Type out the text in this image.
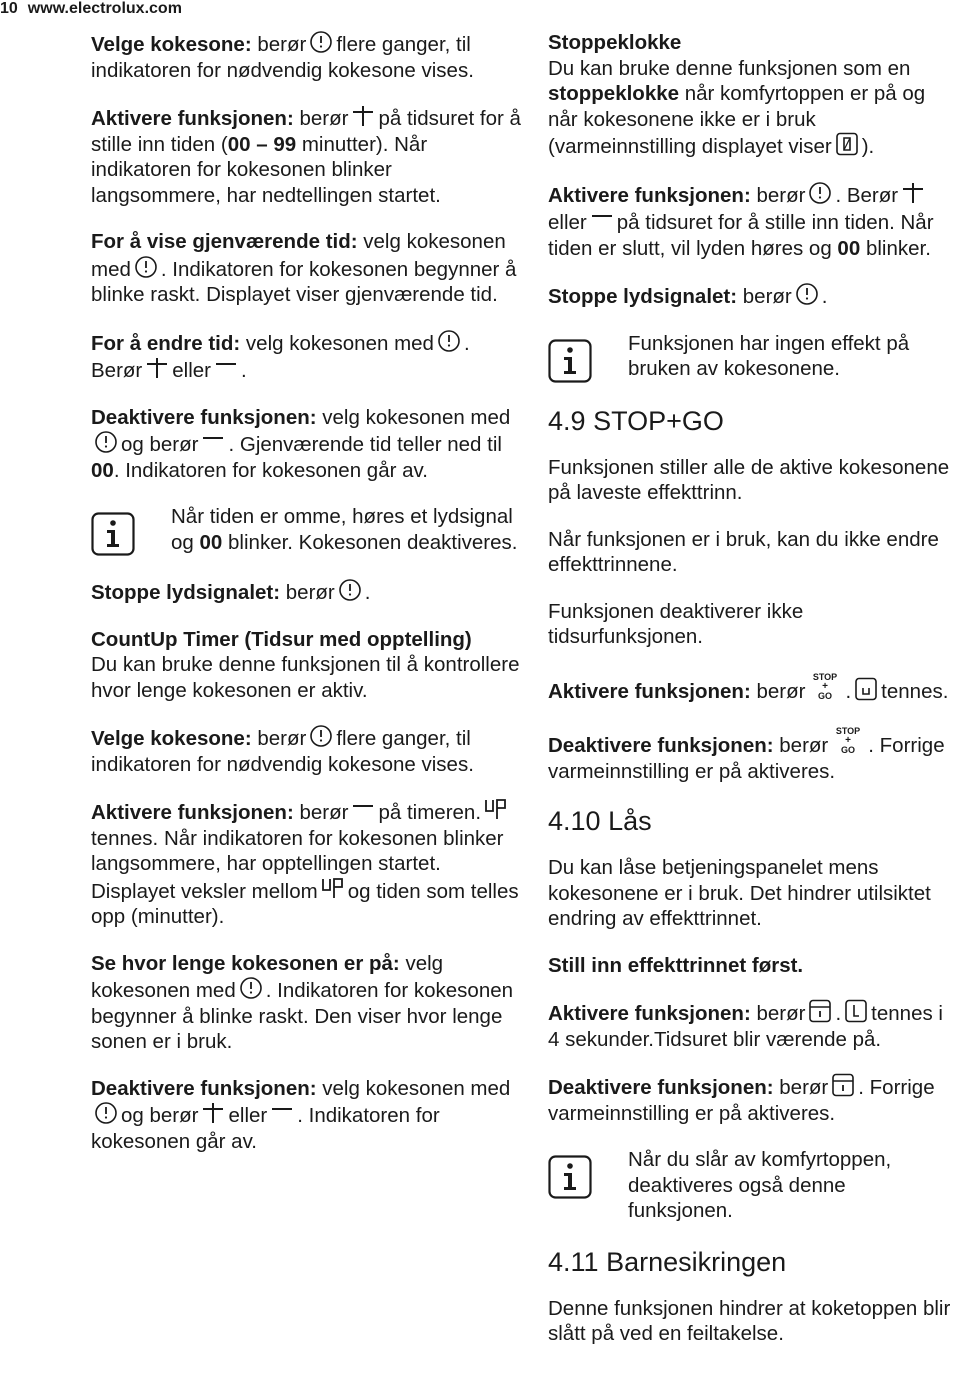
10 www.electrolux.com
Velge kokesone: berør flere ganger, til indikatoren for nødvendig kokesone vises.
Aktivere funksjonen: berør på tidsuret for å stille inn tiden (00 – 99 minutter). Når indikatoren for kokesonen blinker langsommere, har nedtellingen startet.
For å vise gjenværende tid: velg kokesonen med . Indikatoren for kokesonen begynner å blinke raskt. Displayet viser gjenværende tid.
For å endre tid: velg kokesonen med . Berør eller .
Deaktivere funksjonen: velg kokesonen medog berør . Gjenværende tid teller ned til 00. Indikatoren for kokesonen går av.
Når tiden er omme, høres et lydsignal og 00 blinker. Kokesonen deaktiveres.
Stoppe lydsignalet: berør .
CountUp Timer (Tidsur med opptelling)
Du kan bruke denne funksjonen til å kontrollere hvor lenge kokesonen er aktiv.
Velge kokesone: berør flere ganger, til indikatoren for nødvendig kokesone vises.
Aktivere funksjonen: berør på timeren.tennes. Når indikatoren for kokesonen blinker langsommere, har opptellingen startet. Displayet veksler mellom og tiden som telles opp (minutter).
Se hvor lenge kokesonen er på: velg kokesonen med . Indikatoren for kokesonen begynner å blinke raskt. Den viser hvor lenge sonen er i bruk.
Deaktivere funksjonen: velg kokesonen medog berør eller . Indikatoren for kokesonen går av.
Stoppeklokke
Du kan bruke denne funksjonen som en stoppeklokke når komfyrtoppen er på og når kokesonene ikke er i bruk (varmeinnstilling displayet viser ).
Aktivere funksjonen: berør . Berøreller på tidsuret for å stille inn tiden. Når tiden er slutt, vil lyden høres og 00 blinker.
Stoppe lydsignalet: berør .
Funksjonen har ingen effekt på bruken av kokesonene.
4.9 STOP+GO
Funksjonen stiller alle de aktive kokesonene på laveste effekttrinn.
Når funksjonen er i bruk, kan du ikke endre effekttrinnene.
Funksjonen deaktiverer ikke tidsurfunksjonen.
Aktivere funksjonen: berør
STOP
+
GO . tennes.
Deaktivere funksjonen: berør
STOP
+
GO . Forrige varmeinnstilling er på aktiveres.
4.10 Lås
Du kan låse betjeningspanelet mens kokesonene er i bruk. Det hindrer utilsiktet endring av effekttrinnet.
Still inn effekttrinnet først.
Aktivere funksjonen: berør . tennes i 4 sekunder.Tidsuret blir værende på.
Deaktivere funksjonen: berør . Forrige varmeinnstilling er på aktiveres.
Når du slår av komfyrtoppen, deaktiveres også denne funksjonen.
4.11 Barnesikringen
Denne funksjonen hindrer at koketoppen blir slått på ved en feiltakelse.
